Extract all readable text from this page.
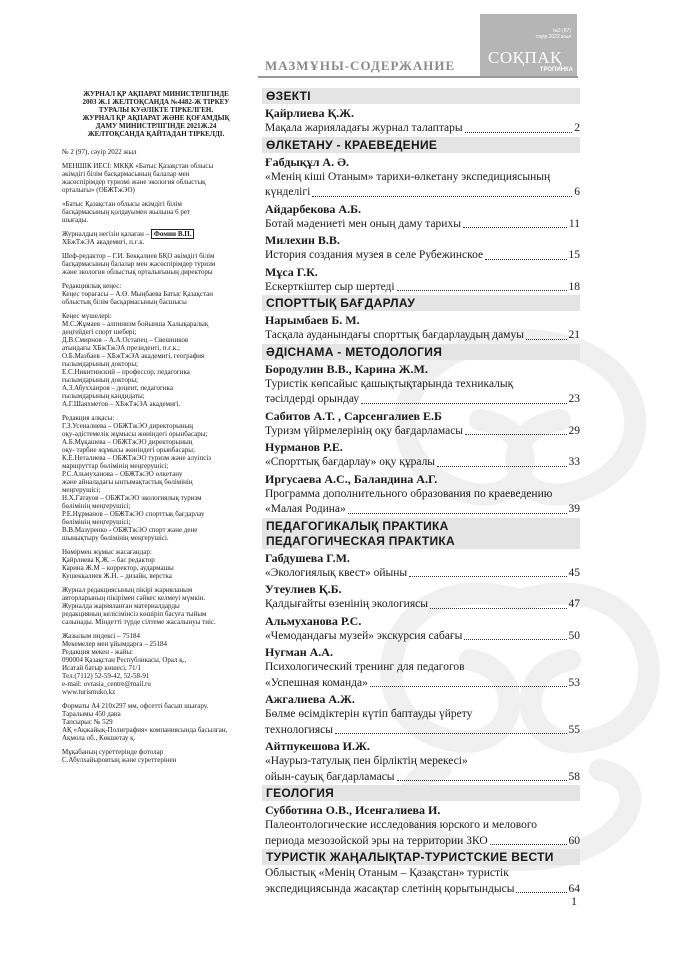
№2 (97)
сәуір 2022 жыл
СОҚПАҚ
ТРОПИНКА
МАЗМҰНЫ-СОДЕРЖАНИЕ
ЖУРНАЛ ҚР АҚПАРАТ МИНИСТРЛІГІНДЕ
2003 Ж.1 ЖЕЛТОҚСАНДА №4482-Ж ТІРКЕУ
ТУРАЛЫ КУӘЛІКТЕ ТІРКЕЛГЕН.
ЖУРНАЛ ҚР АҚПАРАТ ЖӘНЕ ҚОҒАМДЫҚ
ДАМУ МИНИСТРЛІГІНДЕ 2021Ж.24
ЖЕЛТОҚСАНДА ҚАЙТАДАН ТІРКЕЛДІ.
№ 2 (97), сәуір 2022 жыл
МЕНШІК ИЕСІ: МКҚК «Батыс Қазақстан облысы
әкімдігі білім басқармасының балалар мен
жасөспірімдер туризмі және экология облыстық
орталығы» (ОБЖТжЭО)
«Батыс Қазақстан облысы әкімдігі білім
басқармасының қолдауымен жылына 6 рет
шығады.
Журналдың негізін қалаған – Фомин В.П.
ХБжТжЭА академигі, п.ғ.к.
Шеф-редактор – Г.И. Бекқалиев БҚО әкімдігі білім
басқармасының балалар мен жасөспірімдер туризм
және экология облыстық орталығының директоры
Редакциялық кеңес:
Кеңес төрағасы – А.Ө. Мыңбаева Батыс Қазақстан
облыстық білім басқармасының басшысы
Кеңес мүшелері:
М.С.Жұмаев – алпинизм бойынша Халықаралық
деңгейдегі спорт шебері;
Д.В.Смирнов – А.А.Остапец – Свешников
атындағы ХБжТжЭА президенті, п.ғ.к.;
О.Б.Мазбаев – ХБжТжЭА академигі, география
ғылымдарының докторы;
Е.С.Никитинский – профессор, педагогика
ғылымдарының докторы;
А.З.Абуххаиров – доцент, педагогика
ғылымдарының кандидаты;
А.Г.Шаяхметов – ХБжТжЭА академигі.
Редакция алқасы:
Г.З.Усеналиева – ОБЖТжЭО директорының
оқу-әдістемелік жұмысы жөніндегі орынбасары;
А.Б.Мұқашева – ОБЖТжЭО директорының
оқу- тәрбие жұмысы жөніндегі орынбасары;
К.Е.Неталиева – ОБЖТжЭО туризм және алуіпсіз
маршруттар бөлімінің меңгерушісі;
Р.С.Альмуханова – ОБЖТжЭО өлкетану
және айналадағы ынтымақтастық бөлімінің
меңгерушісі;
Н.Х.Гатауов – ОБЖТжЭО экологиялық туризм
бөлімінің меңгерушісі;
Р.Е.Нұрманов – ОБЖТжЭО спорттық бағдарлау
бөлімінің меңгерушісі;
В.В.Мазуренко - ОБЖТжЭО спорт және дене
шынықтыру бөлімінің меңгерушісі.
Нөмірмен жұмыс жасағандар:
Қайрлиева Қ.Ж. – бас редактор
Карина Ж.М – корректор, аудармашы
Кушеккалиев Ж.Н. – дизайн, верстка
Журнал редакциясының пікірі жарияланым
авторларының пікірімен сәйкес келмеуі мүмкін.
Журналда жарияланған материалдарды
редакцияның келісімінсіз көшіріп басуға тыйым
салынады. Міндетті түрде сілтеме жасалынуы тиіс.
Жазылым индексі – 75184
Мекемелер мен ұйымдарға – 25184
Редакция мекен - жайы:
090004 Қазақстан Республикасы, Орал қ.,
Исатай батыр көшесі, 71/1
Тел.(7112) 52-59-42, 52-58-91
e-mail: ovrasia_centre@mail.ru
www.turismuko.kz
Форматы А4 210х297 мм, офсетті басып шығару.
Таралымы 450 дана
Тапсырыс № 529
АҚ «Ақжайық-Полиграфия» компаниясында басылған,
Ақмола об., Көкшетау қ.
Мұқабаның суреттерінде фотолар
С.Абулхайыровтың және суреттерінен
ӨЗЕКТІ
Қайрлиева Қ.Ж.
Мақала жарияладағы журнал талаптары	2
ӨЛКЕТАНУ - КРАЕВЕДЕНИЕ
Ғабдықұл А. Ә.
«Менің кіші Отаным» тарихи-өлкетану экспедициясының
күнделігі	6
Айдарбекова А.Б.
Ботай мәдениеті мен оның даму тарихы	11
Милехин В.В.
История создания музея в селе Рубежинское	15
Мұса Г.К.
Ескерткіштер сыр шертеді	18
СПОРТТЫҚ БАҒДАРЛАУ
Нарымбаев Б. М.
Тасқала ауданындағы спорттық бағдарлаудың дамуы	21
ӘДІСНАМА - МЕТОДОЛОГИЯ
Бородулин В.В., Карина Ж.М.
Туристік көпсайыс қашықтықтарында техникалық
тәсілдерді орындау	23
Сабитов А.Т. , Сарсенгалиев Е.Б
Туризм үйірмелерінің оқу бағдарламасы	29
Нурманов Р.Е.
«Спорттық бағдарлау» оқу құралы	33
Иргусаева А.С., Баландина А.Г.
Программа дополнительного образования по краеведению
«Малая Родина»	39
ПЕДАГОГИКАЛЫҚ ПРАКТИКА
ПЕДАГОГИЧЕСКАЯ ПРАКТИКА
Габдушева Г.М.
«Экологиялық квест» ойыны	45
Утеулиев Қ.Б.
Қалдығайты өзенінің экологиясы	47
Альмуханова Р.С.
«Чемодандағы музей» экскурсия сабағы	50
Нугман А.А.
Психологический тренинг для педагогов
«Успешная команда»	53
Ажгалиева А.Ж.
Бөлме өсімдіктерін күтіп баптауды үйрету
технологиясы	55
Айтпукешова И.Ж.
«Наурыз-татулық пен бірліктің мерекесі»
ойын-сауық бағдарламасы	58
ГЕОЛОГИЯ
Субботина О.В., Исенгалиева И.
Палеонтологические исследования юрского и мелового
периода мезозойской эры на территории ЗКО	60
ТУРИСТІК ЖАҢАЛЫҚТАР-ТУРИСТСКИЕ ВЕСТИ
Облыстық «Менің Отаным – Қазақстан» туристік
экспедициясында жасақтар слетінің қорытындысы	64
1
